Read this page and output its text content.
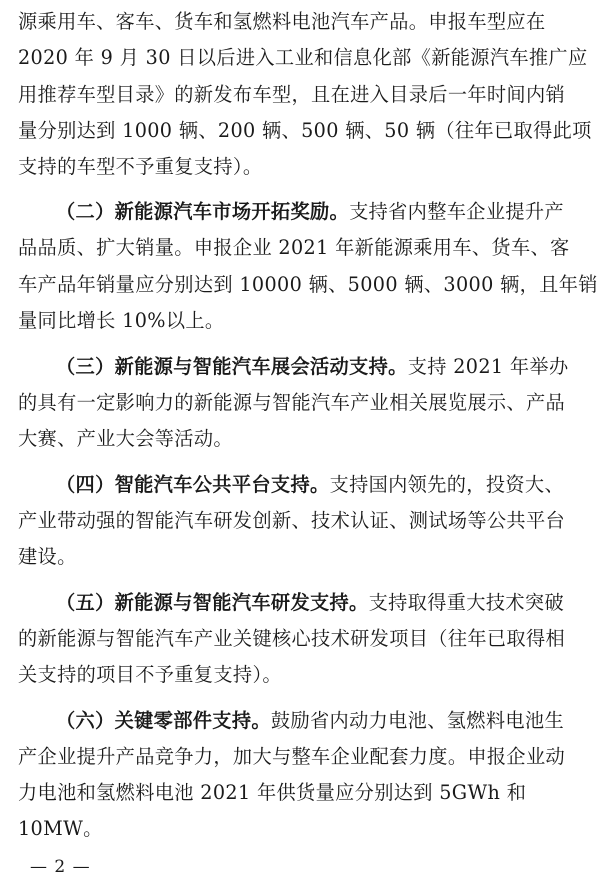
源乘用车、客车、货车和氢燃料电池汽车产品。申报车型应在
2020 年 9 月 30 日以后进入工业和信息化部《新能源汽车推广应
用推荐车型目录》的新发布车型，且在进入目录后一年时间内销
量分别达到 1000 辆、200 辆、500 辆、50 辆（往年已取得此项
支持的车型不予重复支持）。
（二）新能源汽车市场开拓奖励。支持省内整车企业提升产
品品质、扩大销量。申报企业 2021 年新能源乘用车、货车、客
车产品年销量应分别达到 10000 辆、5000 辆、3000 辆，且年销
量同比增长 10%以上。
（三）新能源与智能汽车展会活动支持。支持 2021 年举办
的具有一定影响力的新能源与智能汽车产业相关展览展示、产品
大赛、产业大会等活动。
（四）智能汽车公共平台支持。支持国内领先的，投资大、
产业带动强的智能汽车研发创新、技术认证、测试场等公共平台
建设。
（五）新能源与智能汽车研发支持。支持取得重大技术突破
的新能源与智能汽车产业关键核心技术研发项目（往年已取得相
关支持的项目不予重复支持）。
（六）关键零部件支持。鼓励省内动力电池、氢燃料电池生
产企业提升产品竞争力，加大与整车企业配套力度。申报企业动
力电池和氢燃料电池 2021 年供货量应分别达到 5GWh 和
10MW。
— 2 —
